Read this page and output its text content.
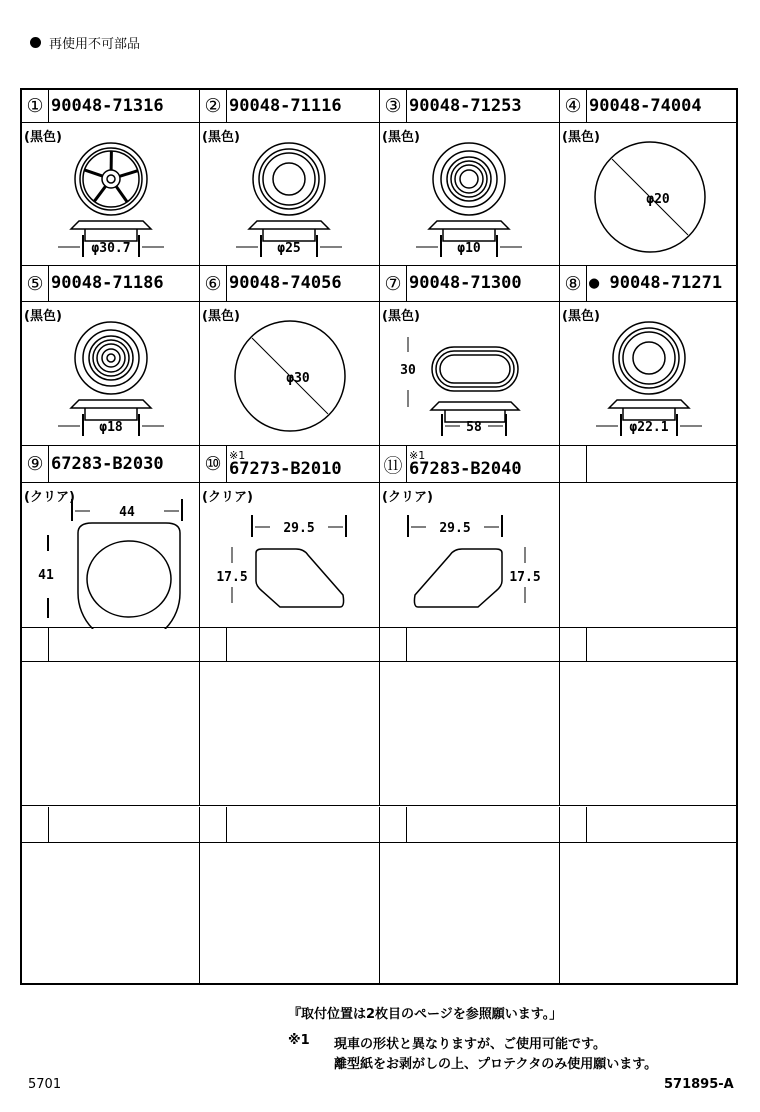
再使用不可部品
① 90048-71316
(黒色)
φ30.7
② 90048-71116
(黒色)
φ25
③ 90048-71253
(黒色)
φ10
④ 90048-74004
(黒色)
φ20
⑤ 90048-71186
(黒色)
φ18
⑥ 90048-74056
(黒色)
φ30
⑦ 90048-71300
(黒色)
30
58
⑧ ● 90048-71271
(黒色)
φ22.1
⑨ 67283-B2030
(クリア)
44
41
⑩ ※1
67273-B2010
(クリア)
29.5
17.5
⑪ ※1
67283-B2040
(クリア)
29.5
17.5
『取付位置は2枚目のページを参照願います。」
※1 現車の形状と異なりますが、ご使用可能です。
離型紙をお剥がしの上、プロテクタのみ使用願います。
5701	571895-A
